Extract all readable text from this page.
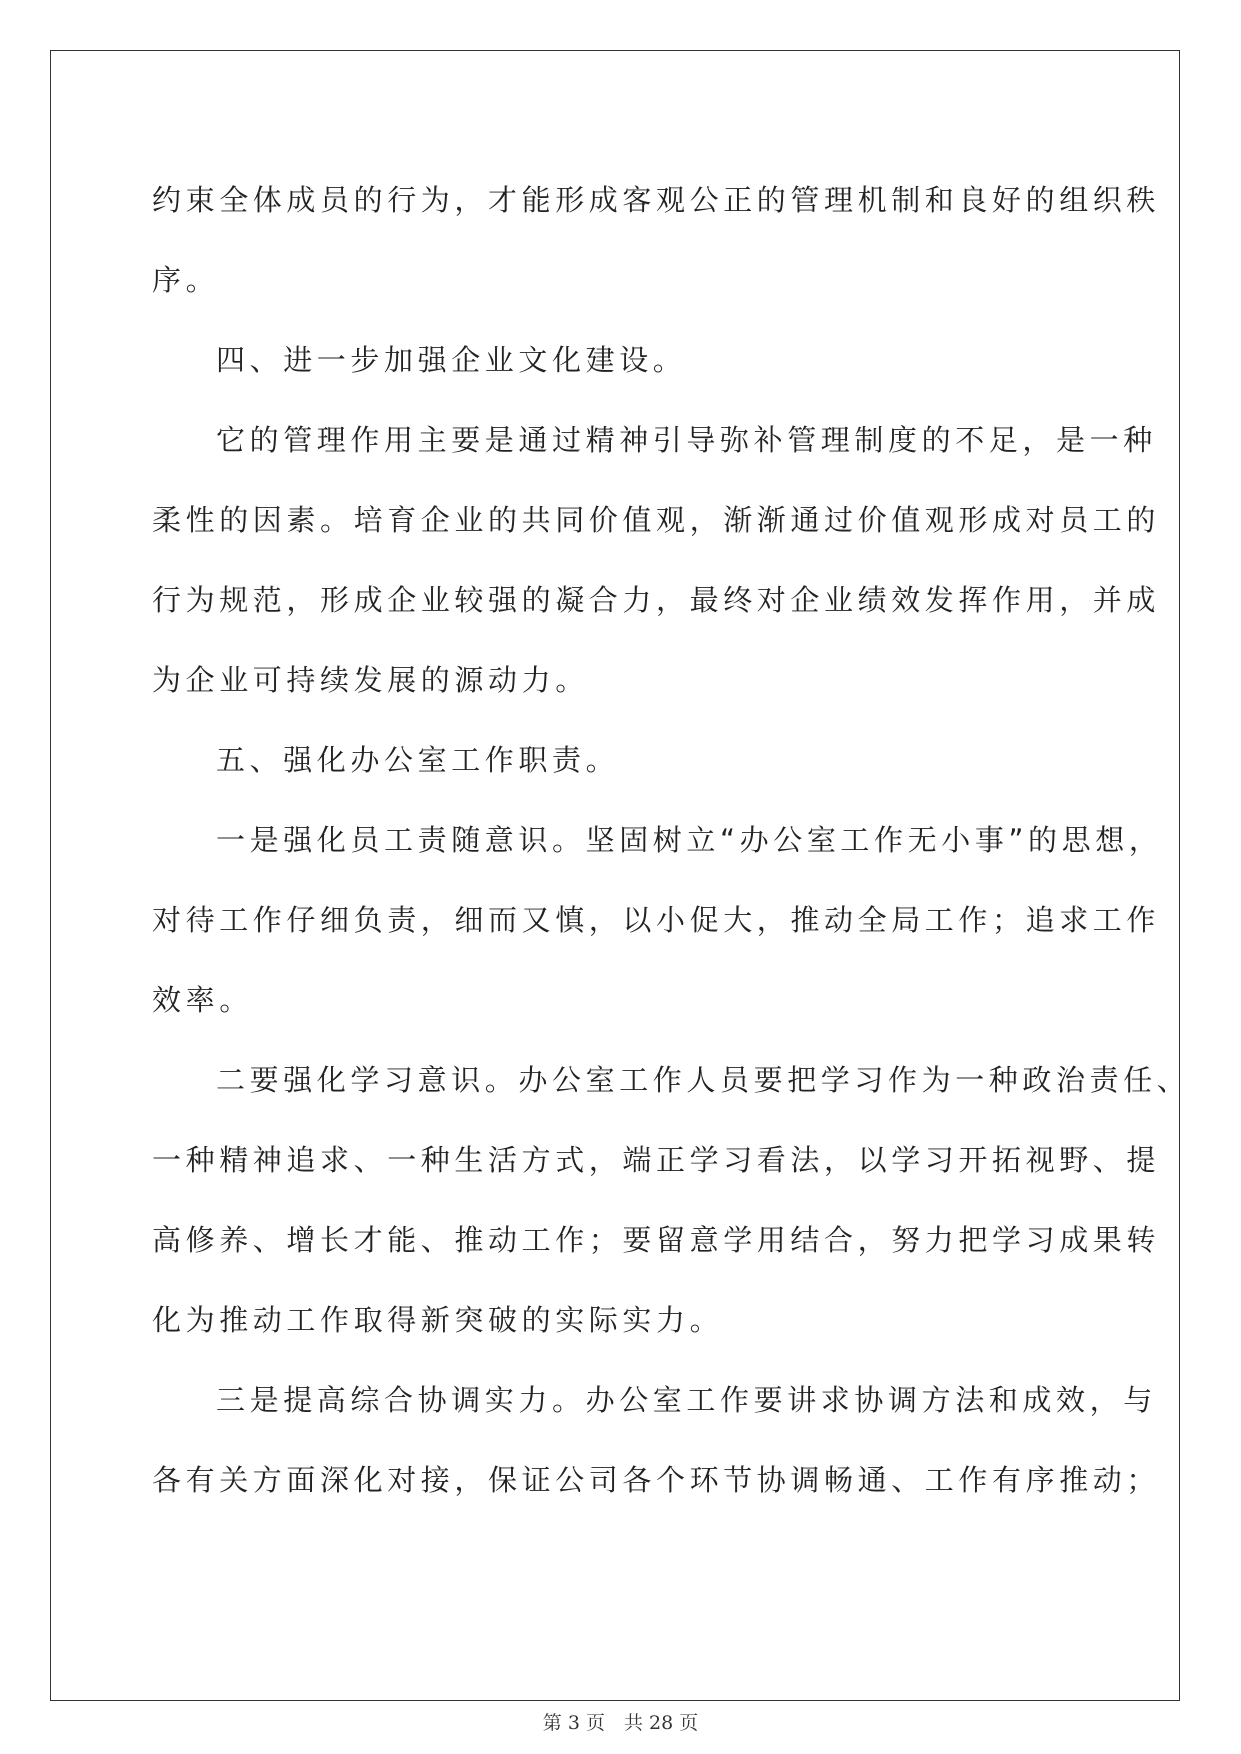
约束全体成员的行为，才能形成客观公正的管理机制和良好的组织秩
序。
四、进一步加强企业文化建设。
它的管理作用主要是通过精神引导弥补管理制度的不足，是一种
柔性的因素。培育企业的共同价值观，渐渐通过价值观形成对员工的
行为规范，形成企业较强的凝合力，最终对企业绩效发挥作用，并成
为企业可持续发展的源动力。
五、强化办公室工作职责。
一是强化员工责随意识。坚固树立“办公室工作无小事”的思想，
对待工作仔细负责，细而又慎，以小促大，推动全局工作；追求工作
效率。
二要强化学习意识。办公室工作人员要把学习作为一种政治责任、
一种精神追求、一种生活方式，端正学习看法，以学习开拓视野、提
高修养、增长才能、推动工作；要留意学用结合，努力把学习成果转
化为推动工作取得新突破的实际实力。
三是提高综合协调实力。办公室工作要讲求协调方法和成效，与
各有关方面深化对接，保证公司各个环节协调畅通、工作有序推动；
第 3 页　共 28 页
